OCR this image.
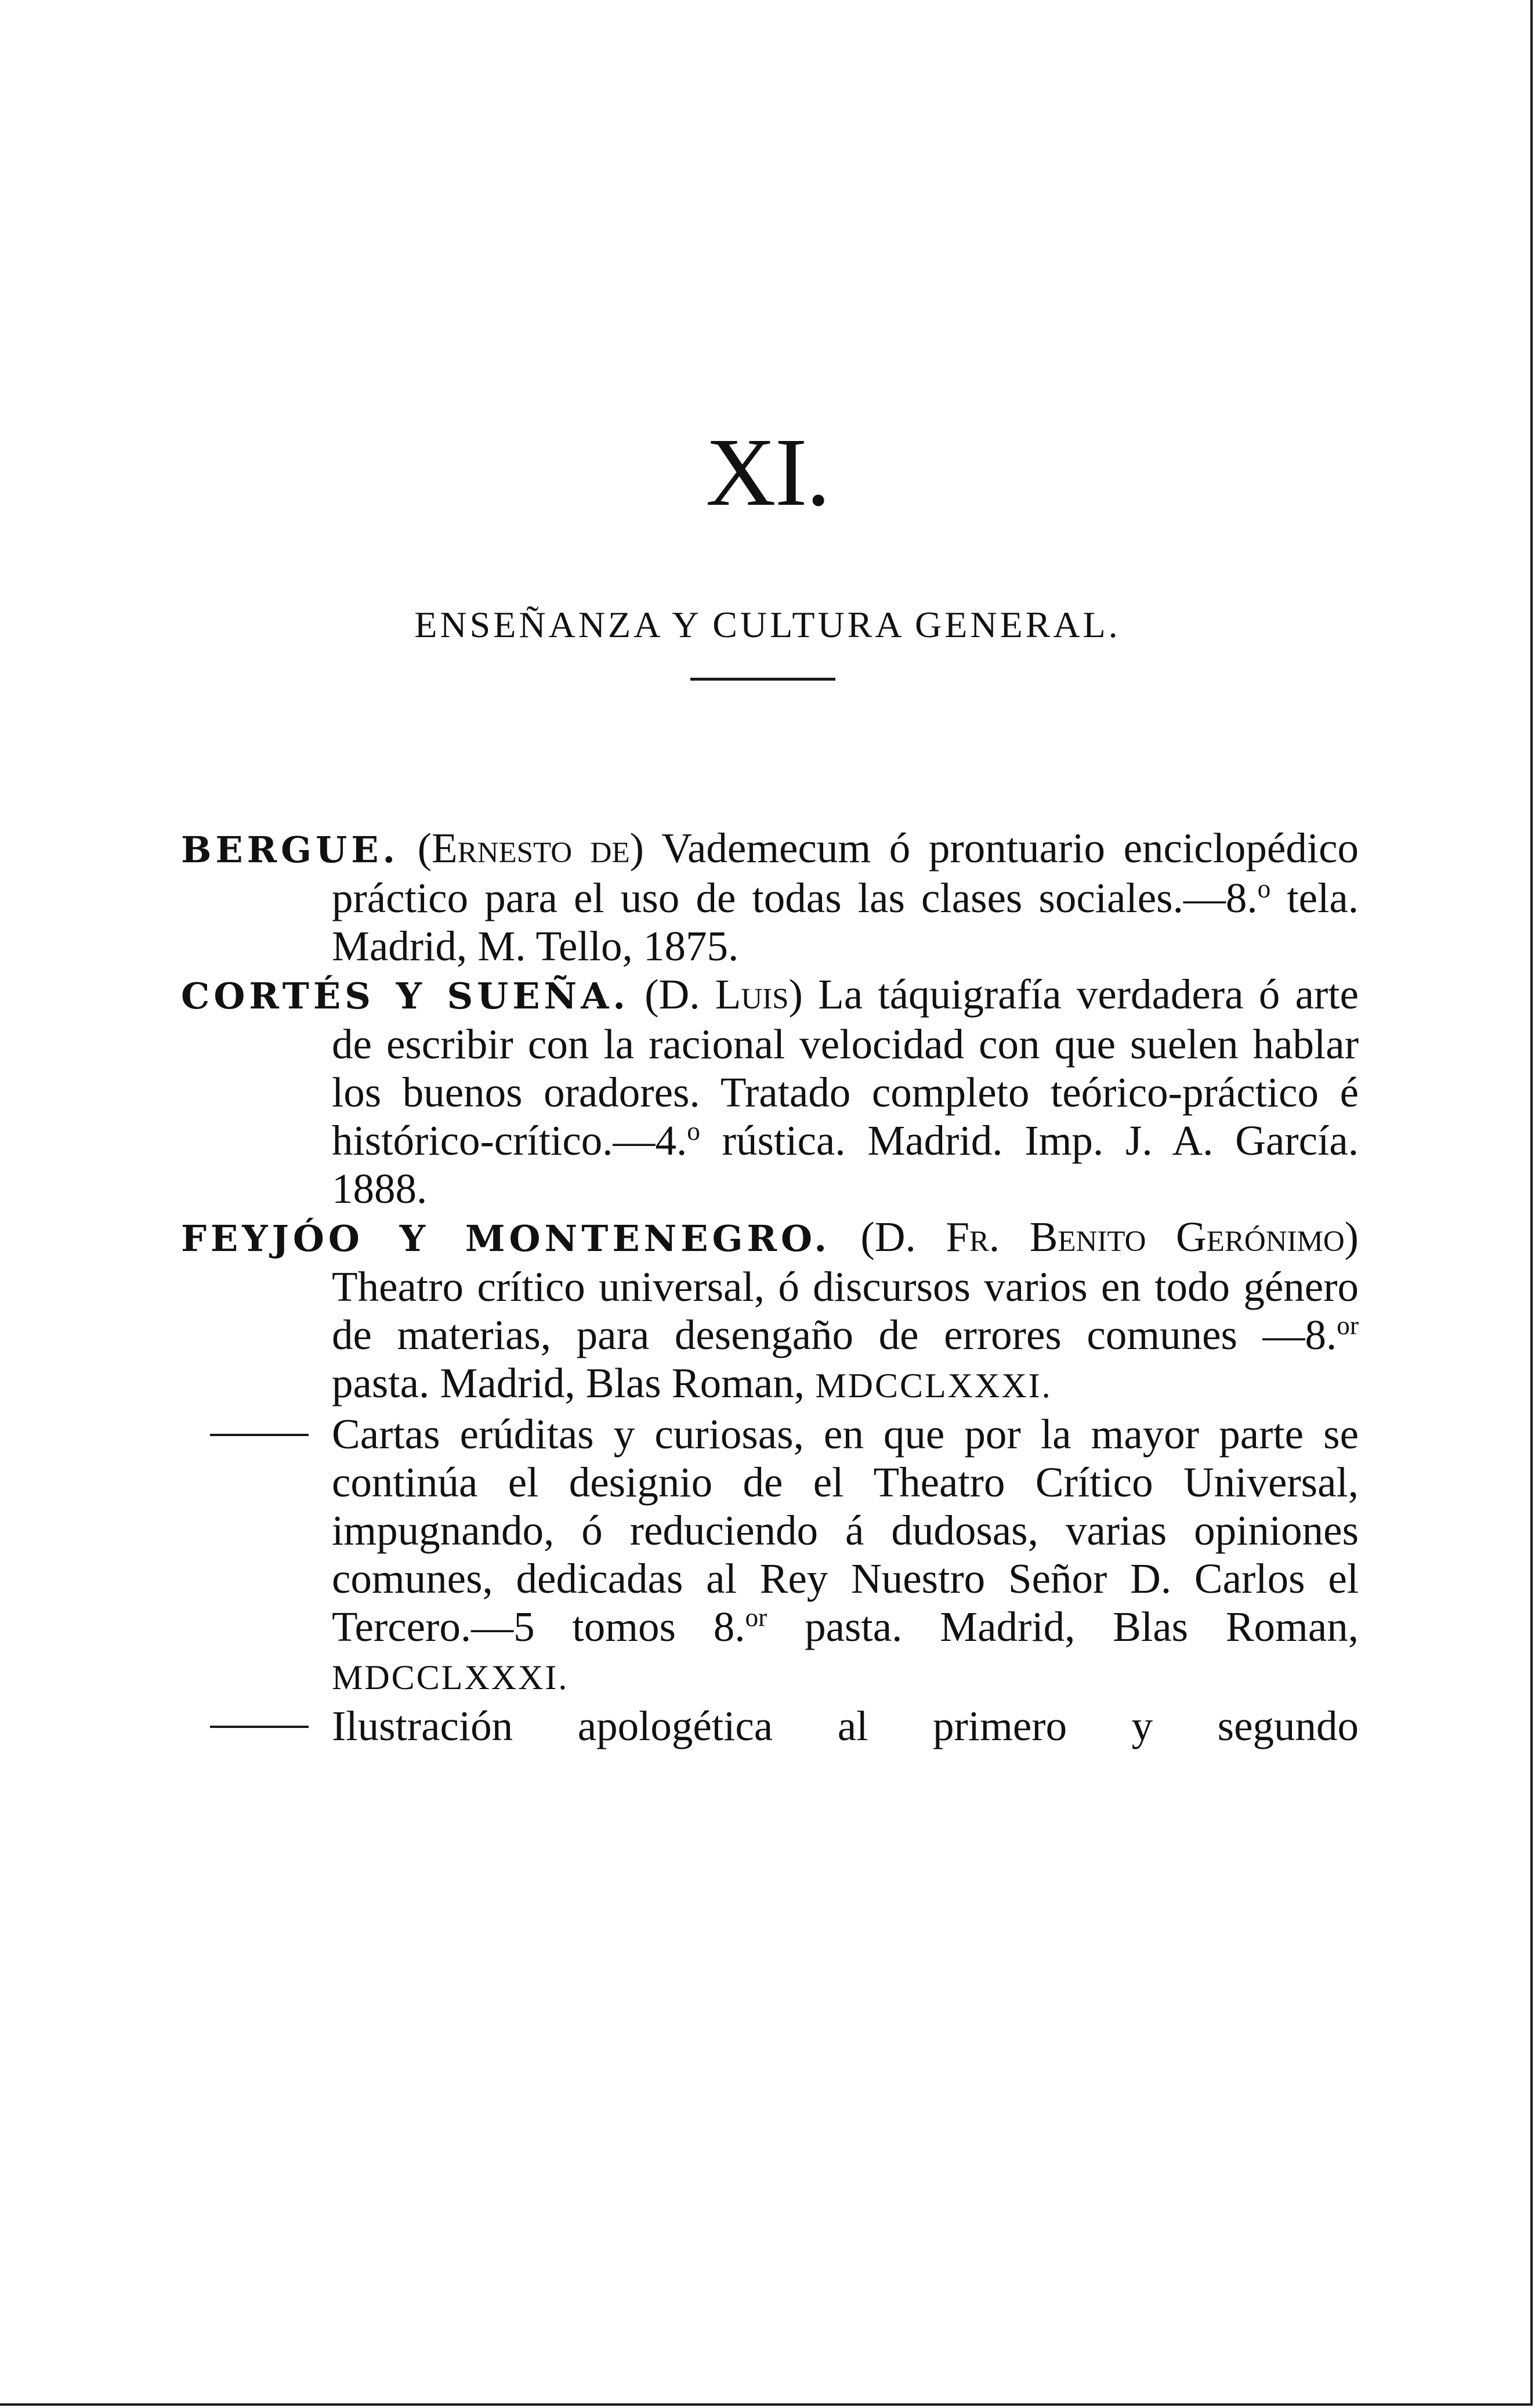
XI.
ENSEÑANZA Y CULTURA GENERAL.

BERGUE. (Ernesto de) Vademecum ó prontuario enciclopédico práctico para el uso de todas las clases sociales.—8.$^o$ tela. Madrid, M. Tello, 1875.

CORTÉS Y SUEÑA. (D. Luis) La táquigrafía verdadera ó arte de escribir con la racional velocidad con que suelen hablar los buenos oradores. Tratado completo teórico-práctico é histórico-crítico.—4.$^o$ rústica. Madrid. Imp. J. A. García. 1888.

FEYJÓO Y MONTENEGRO. (D. Fr. Benito Gerónimo) Theatro crítico universal, ó discursos varios en todo género de materias, para desengaño de errores comunes —8.$^{or}$ pasta. Madrid, Blas Roman, MDCCLXXXI.

Cartas erúditas y curiosas, en que por la mayor parte se continúa el designio de el Theatro Crítico Universal, impugnando, ó reduciendo á dudosas, varias opiniones comunes, dedicadas al Rey Nuestro Señor D. Carlos el Tercero.—5 tomos 8.$^{or}$ pasta. Madrid, Blas Roman, MDCCLXXXI.

Ilustración apologética al primero y segundo
